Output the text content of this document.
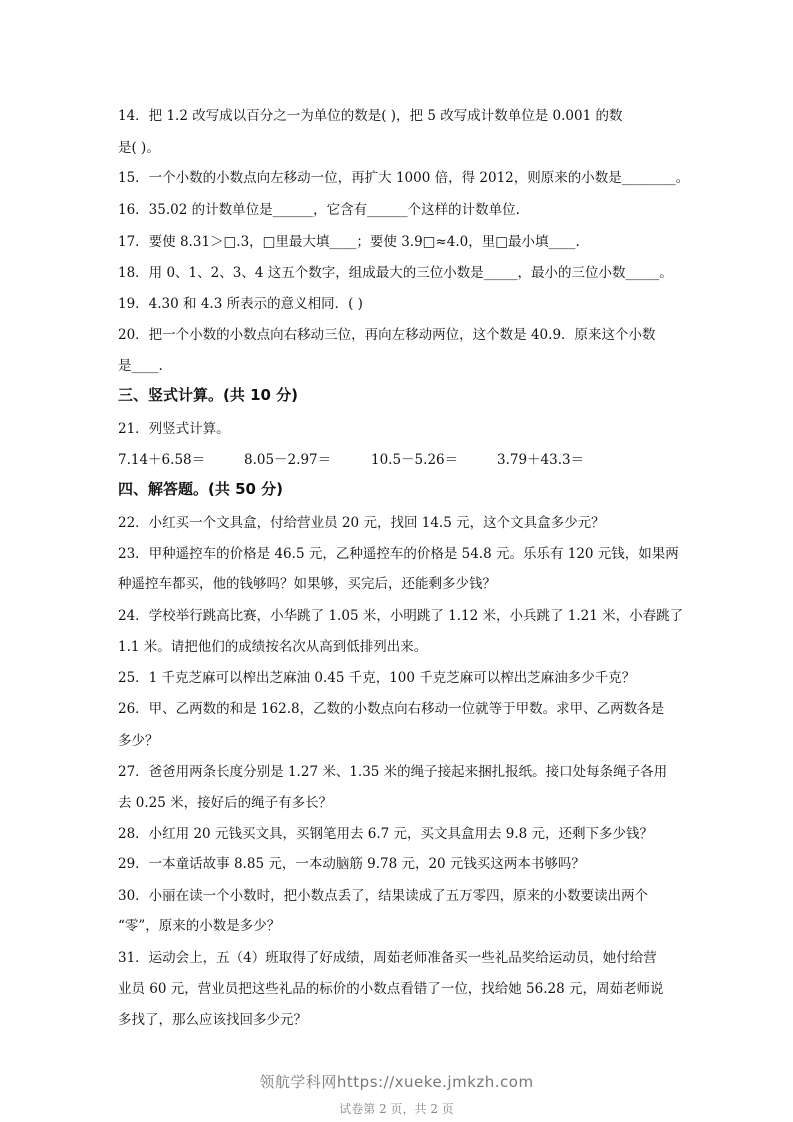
14．把 1.2 改写成以百分之一为单位的数是( )，把 5 改写成计数单位是 0.001 的数
是( )。
15．一个小数的小数点向左移动一位，再扩大 1000 倍，得 2012，则原来的小数是________。
16．35.02 的计数单位是______，它含有______个这样的计数单位.
17．要使 8.31＞□.3，□里最大填____；要使 3.9□≈4.0，里□最小填____.
18．用 0、1、2、3、4 这五个数字，组成最大的三位小数是_____，最小的三位小数_____。
19．4.30 和 4.3 所表示的意义相同．( )
20．把一个小数的小数点向右移动三位，再向左移动两位，这个数是 40.9．原来这个小数
是____.
三、竖式计算。(共 10 分)
21．列竖式计算。
7.14＋6.58＝	8.05－2.97＝	10.5－5.26＝	3.79＋43.3＝
四、解答题。(共 50 分)
22．小红买一个文具盒，付给营业员 20 元，找回 14.5 元，这个文具盒多少元？
23．甲种遥控车的价格是 46.5 元，乙种遥控车的价格是 54.8 元。乐乐有 120 元钱，如果两
种遥控车都买，他的钱够吗？如果够，买完后，还能剩多少钱？
24．学校举行跳高比赛，小华跳了 1.05 米，小明跳了 1.12 米，小兵跳了 1.21 米，小春跳了
1.1 米。请把他们的成绩按名次从高到低排列出来。
25．1 千克芝麻可以榨出芝麻油 0.45 千克，100 千克芝麻可以榨出芝麻油多少千克？
26．甲、乙两数的和是 162.8，乙数的小数点向右移动一位就等于甲数。求甲、乙两数各是
多少？
27．爸爸用两条长度分别是 1.27 米、1.35 米的绳子接起来捆扎报纸。接口处每条绳子各用
去 0.25 米，接好后的绳子有多长？
28．小红用 20 元钱买文具，买钢笔用去 6.7 元，买文具盒用去 9.8 元，还剩下多少钱？
29．一本童话故事 8.85 元，一本动脑筋 9.78 元，20 元钱买这两本书够吗？
30．小丽在读一个小数时，把小数点丢了，结果读成了五万零四，原来的小数要读出两个
“零”，原来的小数是多少？
31．运动会上，五（4）班取得了好成绩，周茹老师准备买一些礼品奖给运动员，她付给营
业员 60 元，营业员把这些礼品的标价的小数点看错了一位，找给她 56.28 元，周茹老师说
多找了，那么应该找回多少元？
领航学科网https://xueke.jmkzh.com
试卷第 2 页，共 2 页
